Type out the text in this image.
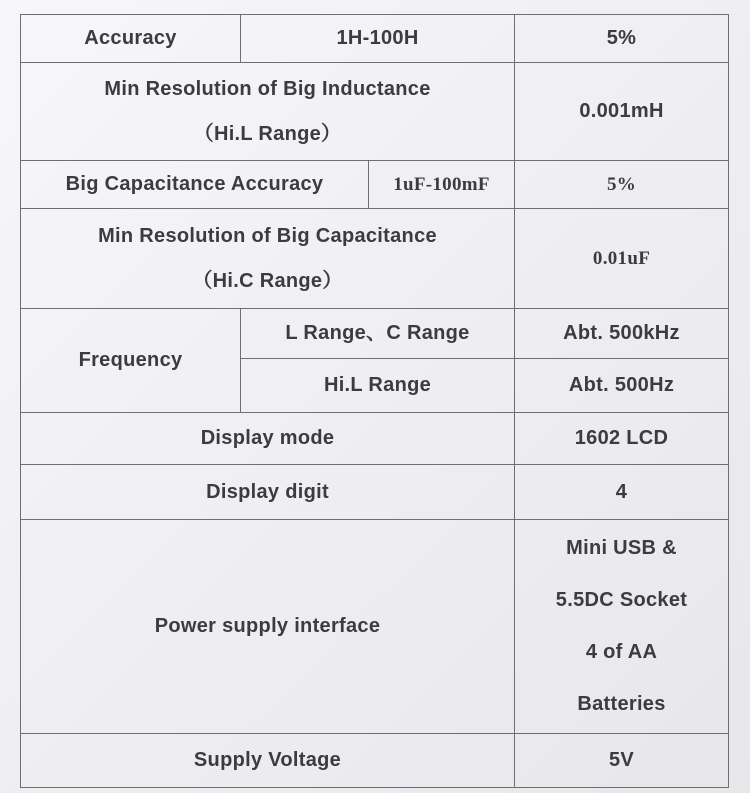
Accuracy	1H-100H		5%

Min Resolution of Big Inductance
（Hi.L Range）			0.001mH
Big Capacitance Accuracy		1uF-100mF	5%

Min Resolution of Big Capacitance
（Hi.C Range）			0.01uF
Frequency	L Range、C Range		Abt. 500kHz
	Hi.L Range		Abt. 500Hz
Display mode			1602 LCD
Display digit			4
Power supply interface			Mini USB &
5.5DC Socket
4 of AA
Batteries

Supply Voltage			5V
